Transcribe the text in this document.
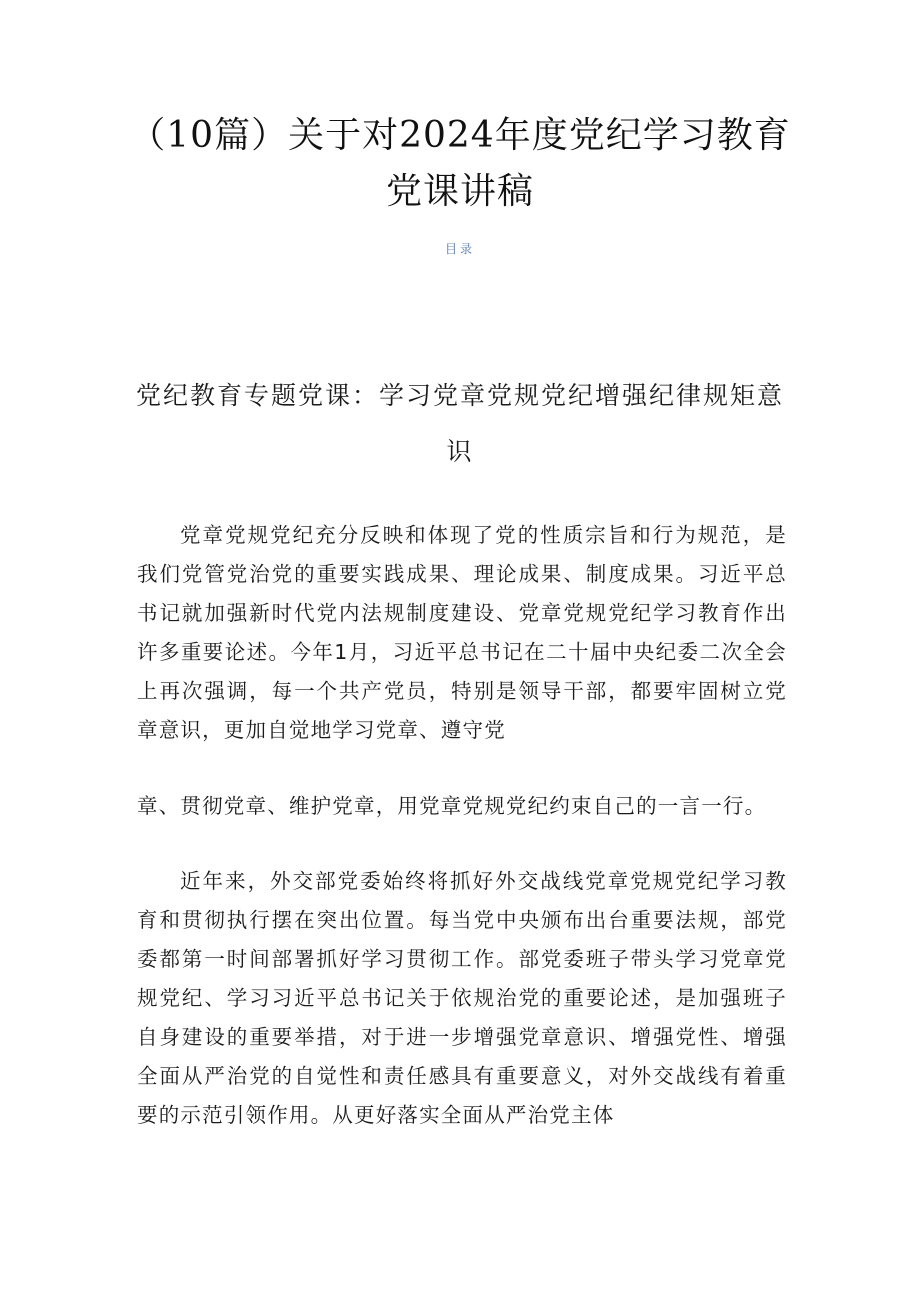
（10篇）关于对2024年度党纪学习教育党课讲稿
目录
党纪教育专题党课：学习党章党规党纪增强纪律规矩意识

党章党规党纪充分反映和体现了党的性质宗旨和行为规范，是我们党管党治党的重要实践成果、理论成果、制度成果。习近平总书记就加强新时代党内法规制度建设、党章党规党纪学习教育作出许多重要论述。今年1月，习近平总书记在二十届中央纪委二次全会上再次强调，每一个共产党员，特别是领导干部，都要牢固树立党章意识，更加自觉地学习党章、遵守党

章、贯彻党章、维护党章，用党章党规党纪约束自己的一言一行。

近年来，外交部党委始终将抓好外交战线党章党规党纪学习教育和贯彻执行摆在突出位置。每当党中央颁布出台重要法规，部党委都第一时间部署抓好学习贯彻工作。部党委班子带头学习党章党规党纪、学习习近平总书记关于依规治党的重要论述，是加强班子自身建设的重要举措，对于进一步增强党章意识、增强党性、增强全面从严治党的自觉性和责任感具有重要意义，对外交战线有着重要的示范引领作用。从更好落实全面从严治党主体
